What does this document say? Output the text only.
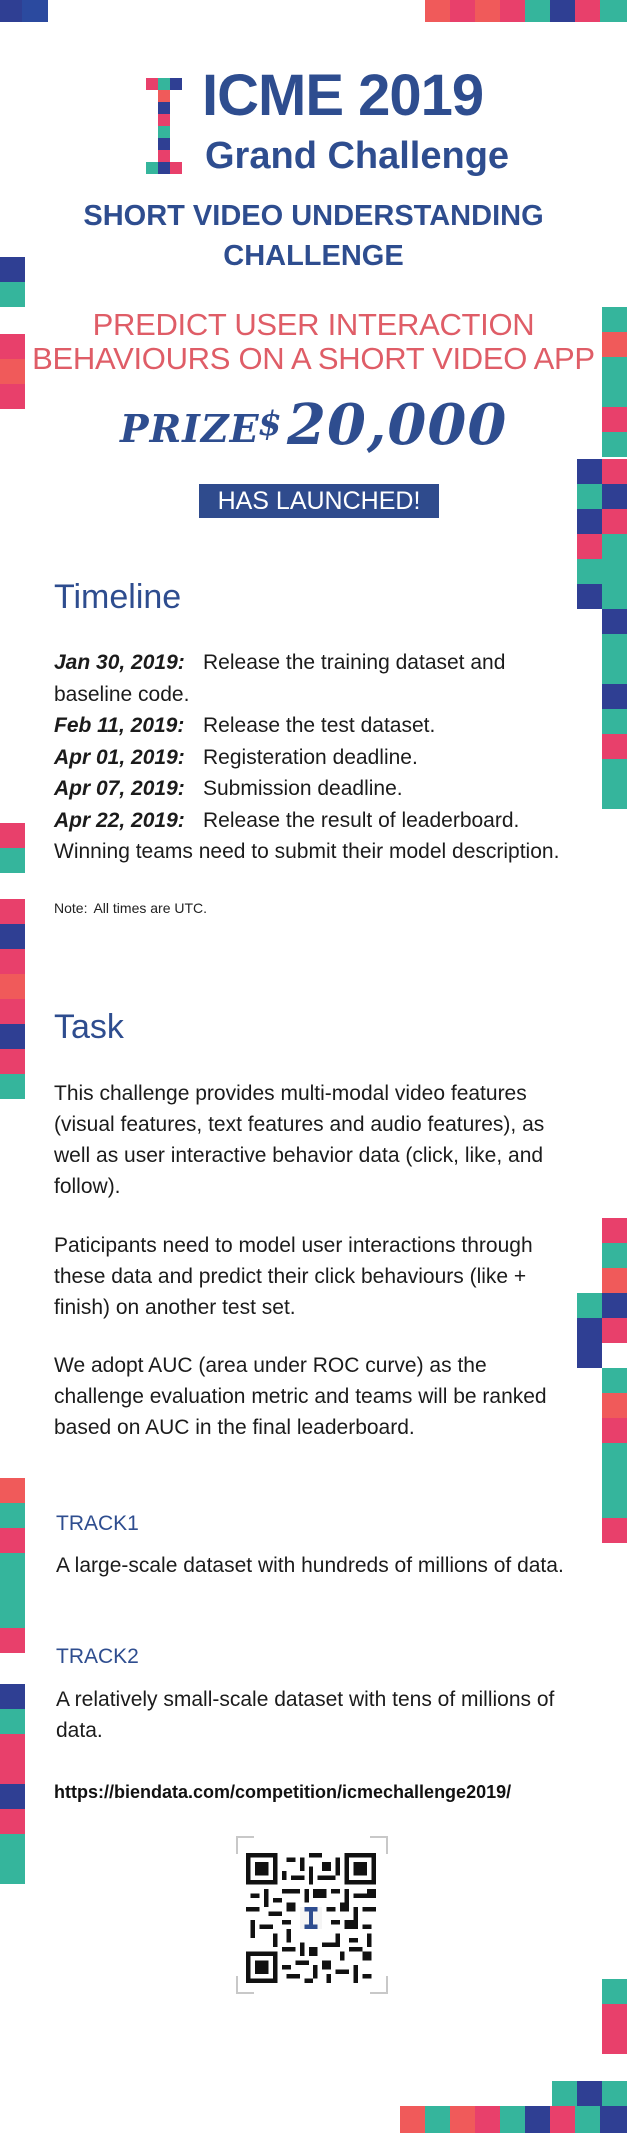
ICME 2019
Grand Challenge
SHORT VIDEO UNDERSTANDING CHALLENGE
PREDICT USER INTERACTION BEHAVIOURS ON A SHORT VIDEO APP
PRIZE
$ 20,000
HAS LAUNCHED!
Timeline

Jan 30, 2019: Release the training dataset and baseline code.

Feb 11, 2019: Release the test dataset.

Apr 01, 2019: Registeration deadline.

Apr 07, 2019: Submission deadline.

Apr 22, 2019: Release the result of leaderboard. Winning teams need to submit their model description.

Note: All times are UTC.
Task

This challenge provides multi-modal video features (visual features, text features and audio features), as well as user interactive behavior data (click, like, and follow).

Paticipants need to model user interactions through these data and predict their click behaviours (like + finish) on another test set.

We adopt AUC (area under ROC curve) as the challenge evaluation metric and teams will be ranked based on AUC in the final leaderboard.

TRACK1

A large-scale dataset with hundreds of millions of data.

TRACK2

A relatively small-scale dataset with tens of millions of data.

https://biendata.com/competition/icmechallenge2019/
